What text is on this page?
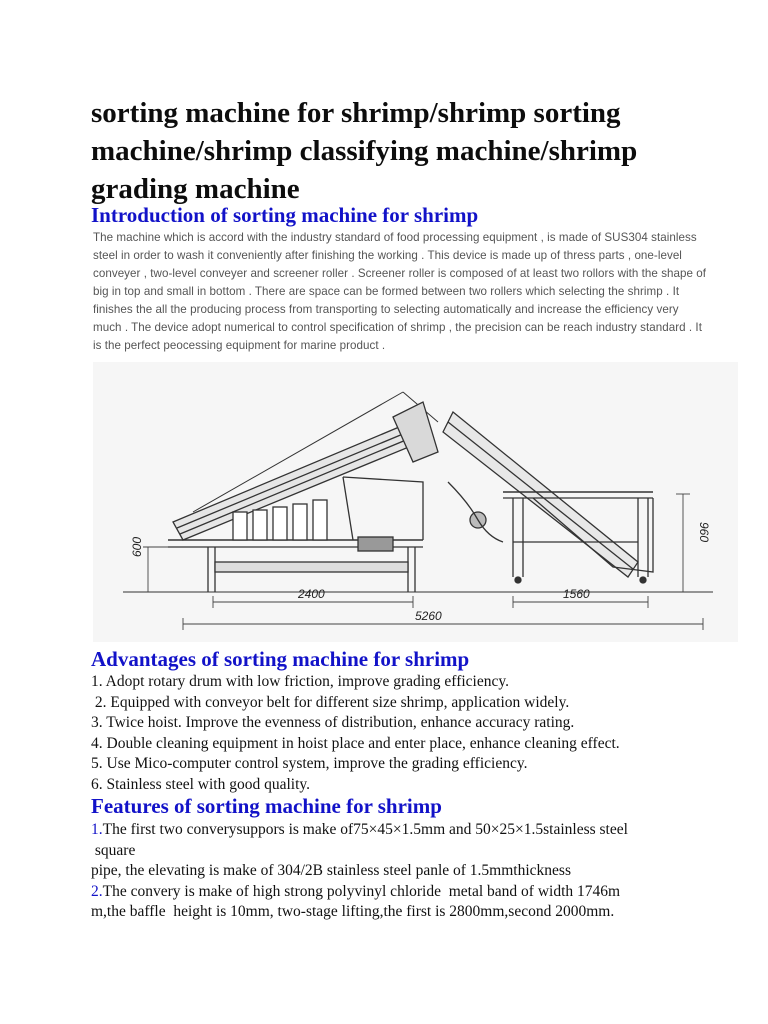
sorting machine for shrimp/shrimp sorting machine/shrimp classifying machine/shrimp grading machine
Introduction of sorting machine for shrimp
The machine which is accord with the industry standard of food processing equipment , is made of SUS304 stainless
steel in order to wash it conveniently after finishing the working . This device is made up of thress parts , one-level
conveyer , two-level conveyer and screener roller . Screener roller is composed of at least two rollors with the shape of
big in top and small in bottom . There are space can be formed between two rollers which selecting the shrimp . It
finishes the all the producing process from transporting to selecting automatically and increase the efficiency very
much . The device adopt numerical to control specification of shrimp , the precision can be reach industry standard . It
is the perfect peocessing equipment for marine product .
600
2400	1560
5260
960
Advantages of sorting machine for shrimp
1. Adopt rotary drum with low friction, improve grading efficiency.
2. Equipped with conveyor belt for different size shrimp, application widely.
3. Twice hoist. Improve the evenness of distribution, enhance accuracy rating.
4. Double cleaning equipment in hoist place and enter place, enhance cleaning effect.
5. Use Mico-computer control system, improve the grading efficiency.
6. Stainless steel with good quality.
Features of sorting machine for shrimp
1.The first two converysuppors is make of75×45×1.5mm and 50×25×1.5stainless steel
square
pipe, the elevating is make of 304/2B stainless steel panle of 1.5mmthickness
2.The convery is make of high strong polyvinyl chloride  metal band of width 1746m
m,the baffle  height is 10mm, two-stage lifting,the first is 2800mm,second 2000mm.
